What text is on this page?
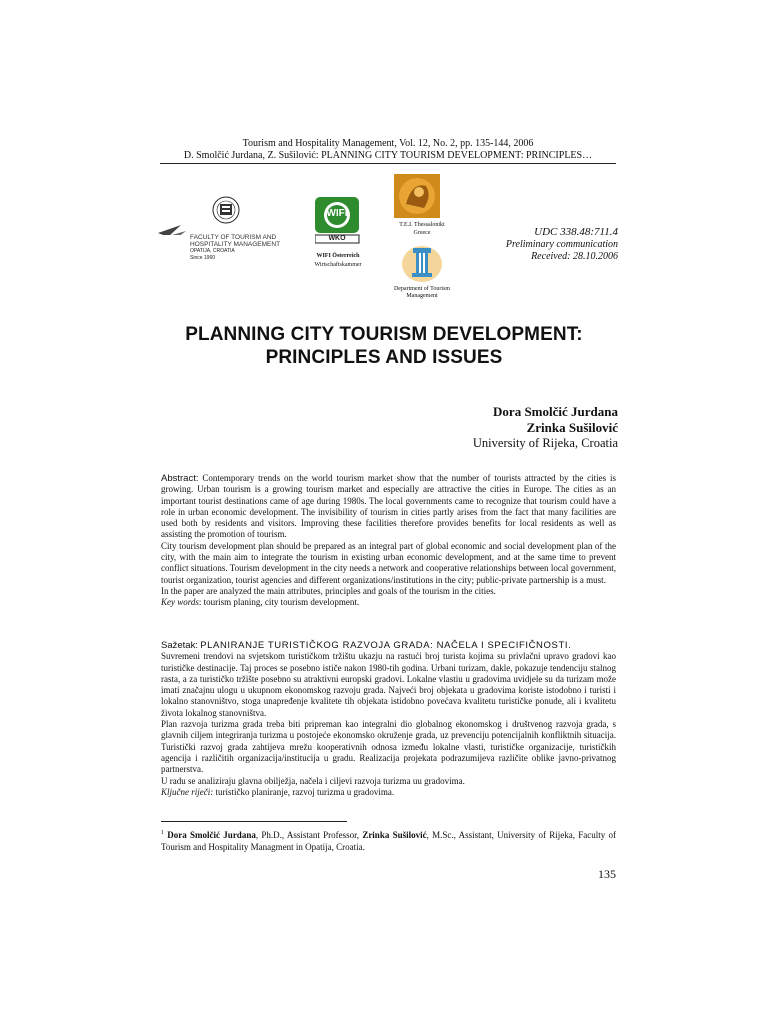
Tourism and Hospitality Management, Vol. 12, No. 2, pp. 135-144, 2006
D. Smolčić Jurdana, Z. Sušilović: PLANNING CITY TOURISM DEVELOPMENT: PRINCIPLES…
FACULTY OF TOURISM AND
HOSPITALITY MANAGEMENT
OPATIJA, CROATIA
Since 1960
WIFI
WKO
WIFI Österreich
Wirtschaftskammer
T.E.I. Thessaloniki
Greece
Department of Tourism
Management
UDC 338.48:711.4
Preliminary communication
Received: 28.10.2006
PLANNING CITY TOURISM DEVELOPMENT:
PRINCIPLES AND ISSUES
Dora Smolčić Jurdana
Zrinka Sušilović
University of Rijeka, Croatia
Abstract: Contemporary trends on the world tourism market show that the number of tourists attracted by the cities is growing. Urban tourism is a growing tourism market and especially are attractive the cities in Europe. The cities as an important tourist destinations came of age during 1980s. The local governments came to recognize that tourism could have a role in urban economic development. The invisibility of tourism in cities partly arises from the fact that many facilities are used both by residents and visitors. Improving these facilities therefore provides benefits for local residents as well as assisting the promotion of tourism.
City tourism development plan should be prepared as an integral part of global economic and social development plan of the city, with the main aim to integrate the tourism in existing urban economic development, and at the same time to prevent conflict situations. Tourism development in the city needs a network and cooperative relationships between local government, tourist organization, tourist agencies and different organizations/institutions in the city; public-private partnership is a must.
In the paper are analyzed the main attributes, principles and goals of the tourism in the cities.
Key words: tourism planing, city tourism development.
Sažetak: PLANIRANJE TURISTIČKOG RAZVOJA GRADA: NAČELA I SPECIFIČNOSTI.
Suvremeni trendovi na svjetskom turističkom tržištu ukazju na rastući broj turista kojima su privlačni upravo gradovi kao turističke destinacije. Taj proces se posebno ističe nakon 1980-tih godina. Urbani turizam, dakle, pokazuje tendenciju stalnog rasta, a za turističko tržište posebno su atraktivni europski gradovi. Lokalne vlastiu u gradovima uvidjele su da turizam može imati značajnu ulogu u ukupnom ekonomskog razvoju grada. Najveći broj objekata u gradovima koriste istodobno i turisti i lokalno stanovništvo, stoga unapređenje kvalitete tih objekata istidobno povećava kvalitetu turističke ponude, ali i kvalitetu života lokalnog stanovništva.
Plan razvoja turizma grada treba biti pripreman kao integralni dio globalnog ekonomskog i društvenog razvoja grada, s glavnih ciljem integriranja turizma u postojeće ekonomsko okruženje grada, uz prevenciju potencijalnih konfliktnih situacija. Turistički razvoj grada zahtijeva mrežu kooperativnih odnosa između lokalne vlasti, turističke organizacije, turističkih agencija i različitih organizacija/institucija u gradu. Realizacija projekata podrazumijeva različite oblike javno-privatnog partnerstva.
U radu se analiziraju glavna obilježja, načela i ciljevi razvoja turizma uu gradovima.
Ključne riječi: turističko planiranje, razvoj turizma u gradovima.
$^1$ Dora Smolčić Jurdana, Ph.D., Assistant Professor, Zrinka Sušilović, M.Sc., Assistant, University of Rijeka, Faculty of Tourism and Hospitality Managment in Opatija, Croatia.
135
